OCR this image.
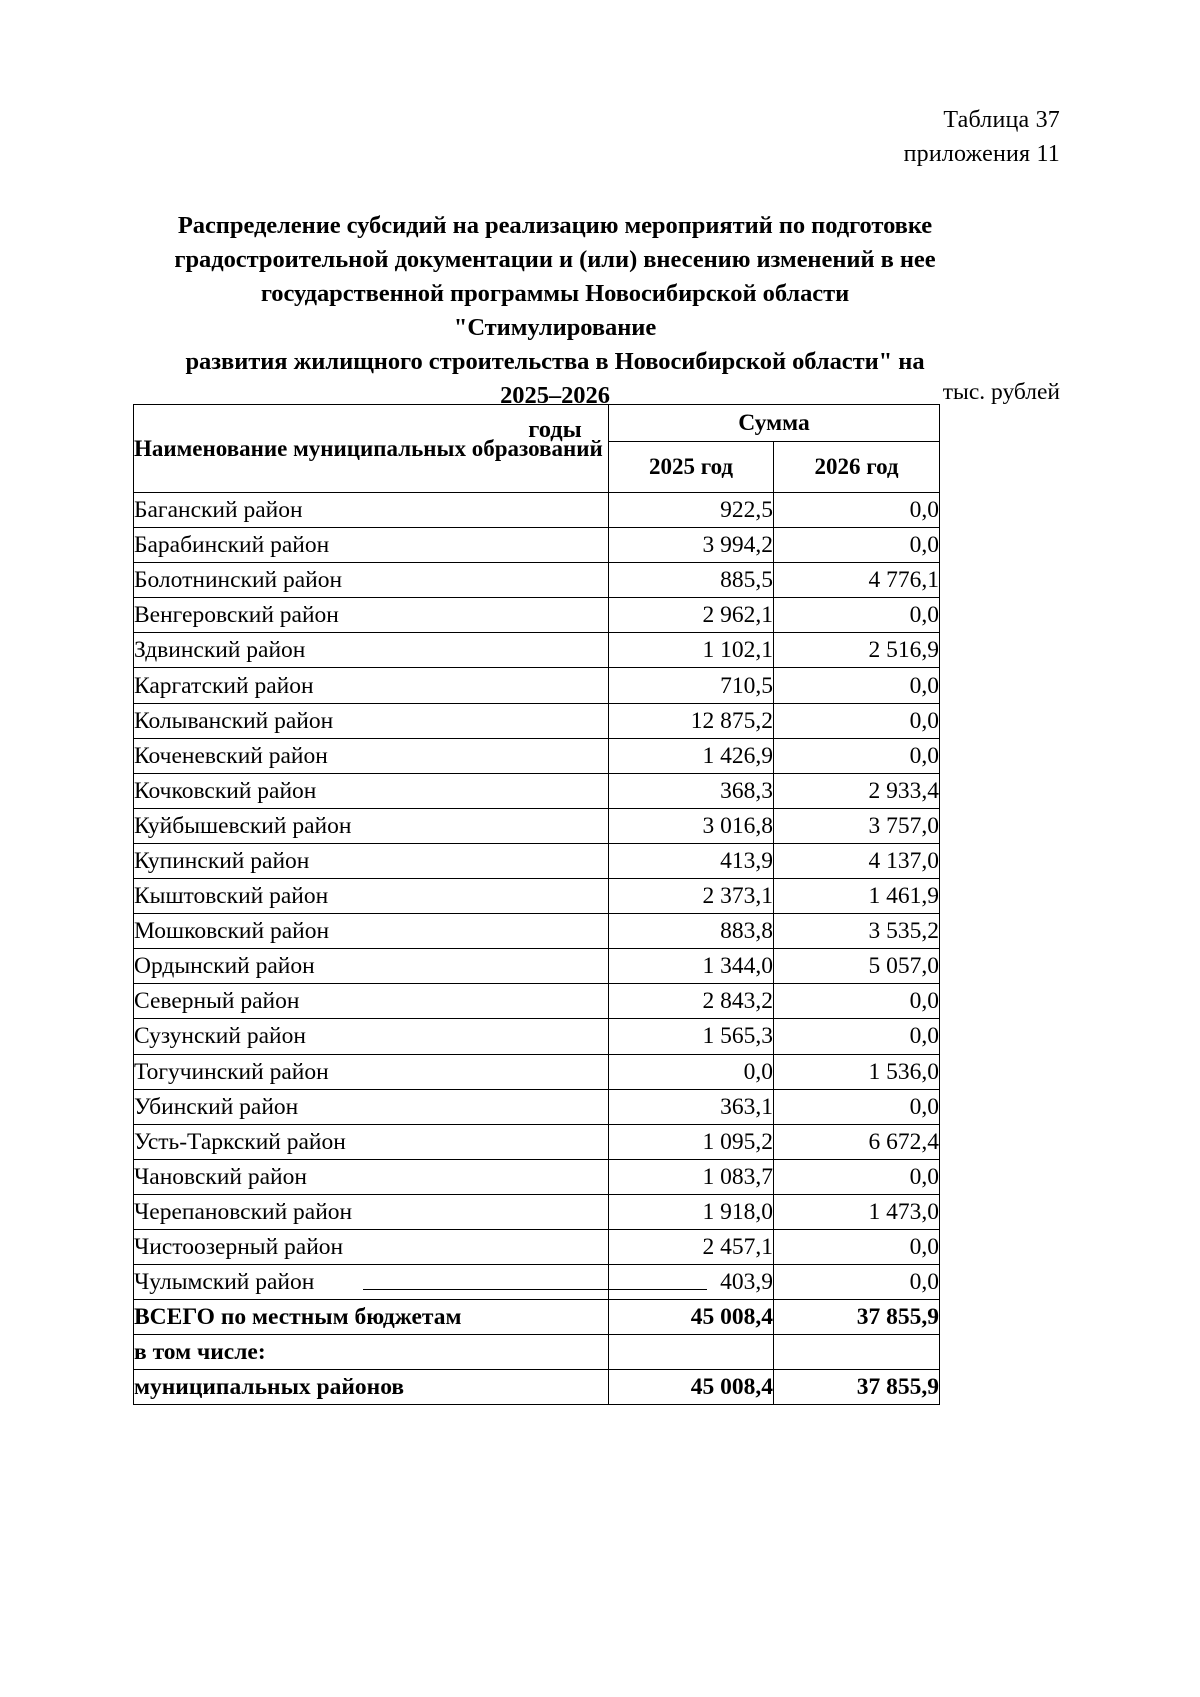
Таблица 37
приложения 11
Распределение субсидий на реализацию мероприятий по подготовке
градостроительной документации и (или) внесению изменений в нее
государственной программы Новосибирской области "Стимулирование
развития жилищного строительства в Новосибирской области" на 2025–2026
годы
тыс. рублей
Наименование муниципальных образований	Сумма	
	2025 год	2026 год
Баганский район	922,5	0,0
Барабинский район	3 994,2	0,0
Болотнинский район	885,5	4 776,1
Венгеровский район	2 962,1	0,0
Здвинский район	1 102,1	2 516,9
Каргатский район	710,5	0,0
Колыванский район	12 875,2	0,0
Коченевский район	1 426,9	0,0
Кочковский район	368,3	2 933,4
Куйбышевский район	3 016,8	3 757,0
Купинский район	413,9	4 137,0
Кыштовский район	2 373,1	1 461,9
Мошковский район	883,8	3 535,2
Ордынский район	1 344,0	5 057,0
Северный район	2 843,2	0,0
Сузунский район	1 565,3	0,0
Тогучинский район	0,0	1 536,0
Убинский район	363,1	0,0
Усть-Таркский район	1 095,2	6 672,4
Чановский район	1 083,7	0,0
Черепановский район	1 918,0	1 473,0
Чистоозерный район	2 457,1	0,0
Чулымский район	403,9	0,0
ВСЕГО по местным бюджетам	45 008,4	37 855,9
в том числе:		
муниципальных районов	45 008,4	37 855,9
